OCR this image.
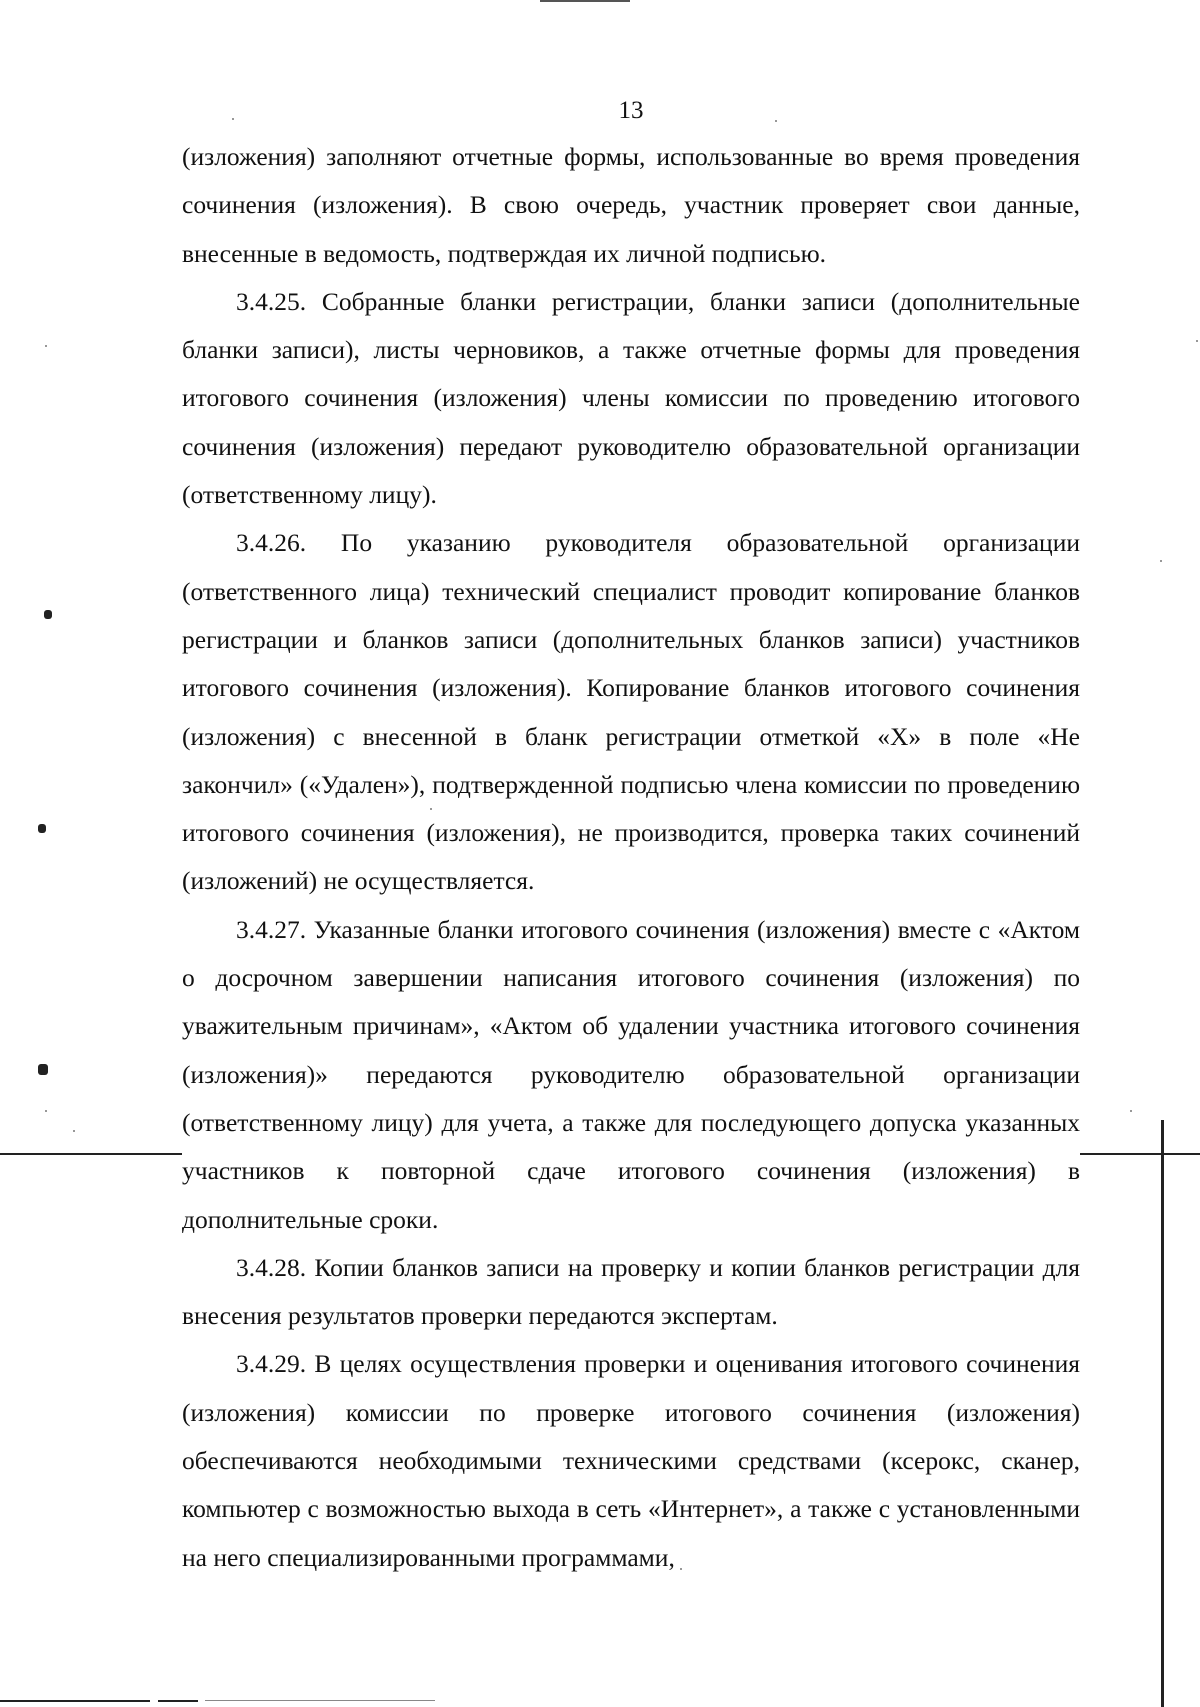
13

(изложения) заполняют отчетные формы, использованные во время проведения сочинения (изложения). В свою очередь, участник проверяет свои данные, внесенные в ведомость, подтверждая их личной подписью.

3.4.25. Собранные бланки регистрации, бланки записи (дополнительные бланки записи), листы черновиков, а также отчетные формы для проведения итогового сочинения (изложения) члены комиссии по проведению итогового сочинения (изложения) передают руководителю образовательной организации (ответственному лицу).

3.4.26. По указанию руководителя образовательной организации (ответственного лица) технический специалист проводит копирование бланков регистрации и бланков записи (дополнительных бланков записи) участников итогового сочинения (изложения). Копирование бланков итогового сочинения (изложения) с внесенной в бланк регистрации отметкой «Х» в поле «Не закончил» («Удален»), подтвержденной подписью члена комиссии по проведению итогового сочинения (изложения), не производится, проверка таких сочинений (изложений) не осуществляется.

3.4.27. Указанные бланки итогового сочинения (изложения) вместе с «Актом о досрочном завершении написания итогового сочинения (изложения) по уважительным причинам», «Актом об удалении участника итогового сочинения (изложения)» передаются руководителю образовательной организации (ответственному лицу) для учета, а также для последующего допуска указанных участников к повторной сдаче итогового сочинения (изложения) в дополнительные сроки.

3.4.28. Копии бланков записи на проверку и копии бланков регистрации для внесения результатов проверки передаются экспертам.

3.4.29. В целях осуществления проверки и оценивания итогового сочинения (изложения) комиссии по проверке итогового сочинения (изложения) обеспечиваются необходимыми техническими средствами (ксерокс, сканер, компьютер с возможностью выхода в сеть «Интернет», а также с установленными на него специализированными программами,
